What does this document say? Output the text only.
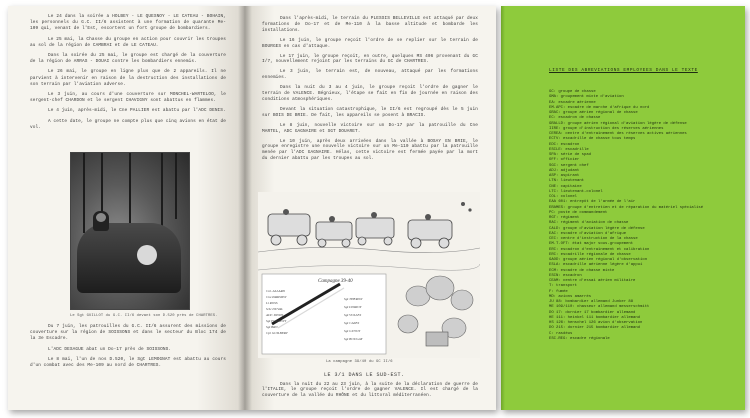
Le 24 dans la soirée a HOLBEY - LE QUESNOY - LE CATEAU - BOHAIN, les personnels du G.C. II/6 assistent à une formation de quarante Me-109 qui, venant de l'Est, escortent un fort groupe de bombardiers.

Le 25 mai, la Chasse du groupe en action pour couvrir les troupes au sol de la région de CAMBRAI et de LE CATEAU.

Dans la soirée du 25 mai, le groupe est chargé de la couverture de la région de ARRAS - DOUAI contre les bombardiers ennemis.

Le 26 mai, le groupe en ligne plus que de 2 appareils. Il ne parvient à intervenir en raison de la destruction des installations de son terrain par l'aviation adverse.

Le 3 juin, au cours d'une couverture sur MONCHEL-WARTELOO, le sergent-chef CHARDON et le sergent CHAVIGNY sont abattus en flammes.

Le 4 juin, après-midi, le Cne PALLIER est abattu par l'ADC DENIS.

A cette date, le groupe ne compte plus que cinq avions en état de vol.

Le Sgt GUILLOT du G.C. II/6 devant son D.520 près de CHARTRES.

Du 7 juin, les patrouilles du G.C. II/6 assurent des missions de couverture sur la région de SOISSONS et dans le secteur du Bloc 174 de la 3e Escadre.

L'ADC DESAGUE abat un Do-17 près de SOISSONS.

Le 8 mai, l'un de nos D.520, le Sgt LEMOGNAT est abattu au cours d'un combat avec des Me-109 au nord de CHARTRES.

Dans l'après-midi, le terrain du PLESSIS BELLEVILLE est attaqué par deux formations de Do-17 et de Me-110 à la basse altitude et bombarde les installations.

Le 16 juin, le groupe reçoit l'ordre de se replier sur le terrain de BOURGES en cas d'attaque.

Le 17 juin, le groupe reçoit, en outre, quelques MS 406 provenant du GC I/7, nouvellement rejoint par les terrains du GC de CHARTRES.

Le 3 juin, le terrain est, de nouveau, attaqué par les formations ennemies.

Dans la nuit du 3 au 4 juin, le groupe reçoit l'ordre de gagner le terrain de VALENCE. Bégnieux, l'étape se fait en fin de journée en raison des conditions atmosphériques.

Devant la situation catastrophique, le II/6 est regroupé dès le 5 juin sur BOIS DE BRIE. De fait, les appareils se posent à BRACIS.

Le 8 juin, nouvelle victoire sur un Do-17 par la patrouille du Cne MARTEL, ADC GAGNAIRE et SGT DOUARET.

Le 10 juin, après deux arrivées dans la vallée à BOSAY EN BRIE, le groupe enregistre une nouvelle victoire sur un Me-110 abattu par la patrouille menée par l'ADC GAGNAIRE. Hélas, cette victoire est fermée payée par la mort du dernier abattu par les troupes au sol.

Campagne 39-40
Col. ALLARD
Cne PARISIEN
Lt ROSS
S/Lt DUVAL
ADC DENIS
Sgt FLAMENT
Sgt BRU
Cpl GUILBERT
Sgt THERON
Sgt DORIOT
Sgt VOLLES
Sgt CAZES
Sgt GUYOT
Sgt BOUGAY
La campagne 39/40 du GC II/6
LE 3/1 DANS LE SUD-EST.

Dans la nuit du 22 au 23 juin, à la suite de la déclaration de guerre de l'ITALIE, le groupe reçoit l'ordre de gagner VALENCE. Il est chargé de la couverture de la vallée du RHÔNE et du littoral méditerranéen.

LISTE DES ABREVIATIONS EMPLOYEES DANS LE TEXTE
GC: groupe de chasse
GMA: groupement mixte d'aviation
EA: escadre aérienne
EM.APC: escadre de marche d'afrique du nord
GRAC: groupe aérien régional de chasse
EC: escadron de chasse
GRALLD: groupe aérien régional d'aviation légère de défense
IIRE: groupe d'instruction des réserves aériennes
CEREA: centre d'entraînement des réserves actives aériennes
ECTV: escadrille de chasse tous temps
EDC: escadron
ESCLE: escadrille
SPA: série de spad
OFF: officier
SGC: sergent chef
ADJ: adjudant
ASP: aspirant
LTN: lieutenant
CNE: capitaine
LTC: lieutenant-colonel
COL: colonel
EAA 601: entrepôt de l'armée de l'air
ERAMES: groupe d'entretien et de réparation du matériel spécialisé
PC: poste de commandement
RGT: régiment
RAC: régiment d'aviation de chasse
CALD: groupe d'aviation légère de défense
EAC: escadre d'aviation d'afrique
CEC: centre d'instruction de la chasse
EM.T.OFT: état major sous-groupement
ERC: escadron d'entraînement et calibration
ERC: escadrille régionale de chasse
GAOD: groupe aérien régional d'observation
ESLA: escadrille aérienne légère d'appui
ECM: escadre de chasse mixte
ESCN: escadron
CEAM: centre d'essai aérien militaire
T: transport
F: fumée
MD: avions amarrés
JU 88: bombardier allemand Junker 88
ME 109/110: chasseur allemand messerschmitt
DO 17: dornier 17 bombardier allemand
HE 111: heinkel 111 bombardier allemand
HS 126: henschel 126 avion d'observation
DO 215: dornier 215 bombardier allemand
C: rasdéus
ESC.REG: escadre régionale
